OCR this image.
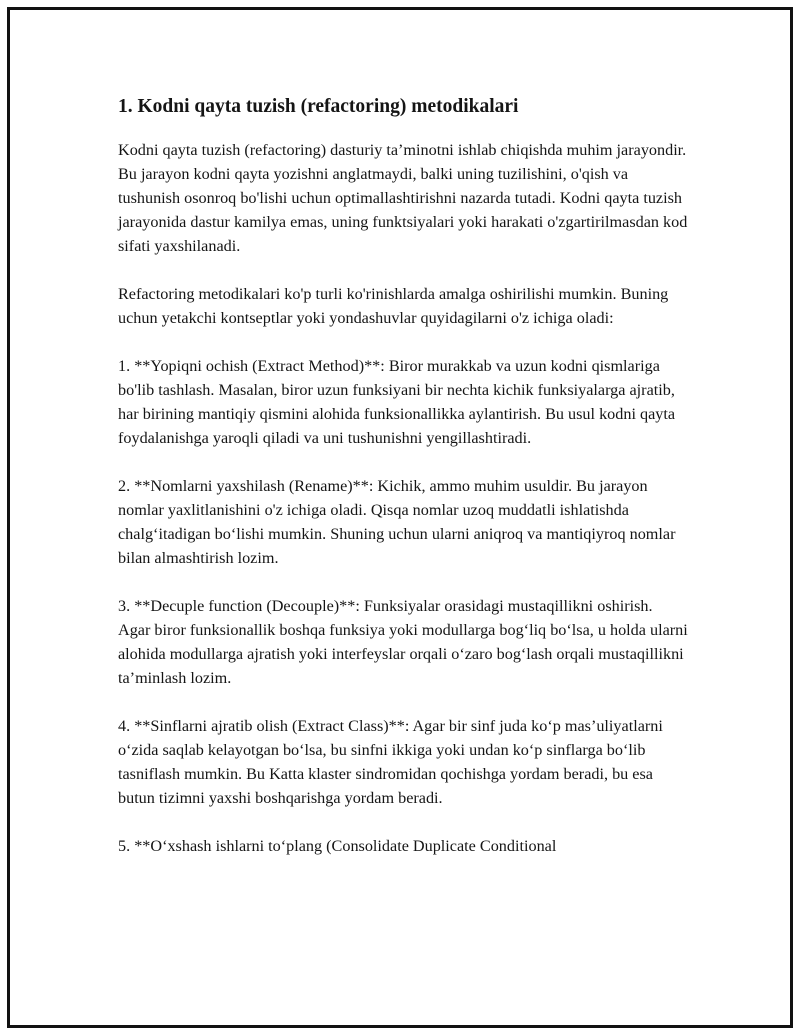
1. Kodni qayta tuzish (refactoring) metodikalari

Kodni qayta tuzish (refactoring) dasturiy ta’minotni ishlab chiqishda muhim jarayondir. Bu jarayon kodni qayta yozishni anglatmaydi, balki uning tuzilishini, o'qish va tushunish osonroq bo'lishi uchun optimallashtirishni nazarda tutadi. Kodni qayta tuzish jarayonida dastur kamilya emas, uning funktsiyalari yoki harakati o'zgartirilmasdan kod sifati yaxshilanadi.

Refactoring metodikalari ko'p turli ko'rinishlarda amalga oshirilishi mumkin. Buning uchun yetakchi kontseptlar yoki yondashuvlar quyidagilarni o'z ichiga oladi:

1. **Yopiqni ochish (Extract Method)**: Biror murakkab va uzun kodni qismlariga bo'lib tashlash. Masalan, biror uzun funksiyani bir nechta kichik funksiyalarga ajratib, har birining mantiqiy qismini alohida funksionallikka aylantirish. Bu usul kodni qayta foydalanishga yaroqli qiladi va uni tushunishni yengillashtiradi.

2. **Nomlarni yaxshilash (Rename)**: Kichik, ammo muhim usuldir. Bu jarayon nomlar yaxlitlanishini o'z ichiga oladi. Qisqa nomlar uzoq muddatli ishlatishda chalg‘itadigan bo‘lishi mumkin. Shuning uchun ularni aniqroq va mantiqiyroq nomlar bilan almashtirish lozim.

3. **Decuple function (Decouple)**: Funksiyalar orasidagi mustaqillikni oshirish. Agar biror funksionallik boshqa funksiya yoki modullarga bog‘liq bo‘lsa, u holda ularni alohida modullarga ajratish yoki interfeyslar orqali o‘zaro bog‘lash orqali mustaqillikni ta’minlash lozim.

4. **Sinflarni ajratib olish (Extract Class)**: Agar bir sinf juda ko‘p mas’uliyatlarni o‘zida saqlab kelayotgan bo‘lsa, bu sinfni ikkiga yoki undan ko‘p sinflarga bo‘lib tasniflash mumkin. Bu Katta klaster sindromidan qochishga yordam beradi, bu esa butun tizimni yaxshi boshqarishga yordam beradi.

5. **O‘xshash ishlarni to‘plang (Consolidate Duplicate Conditional
